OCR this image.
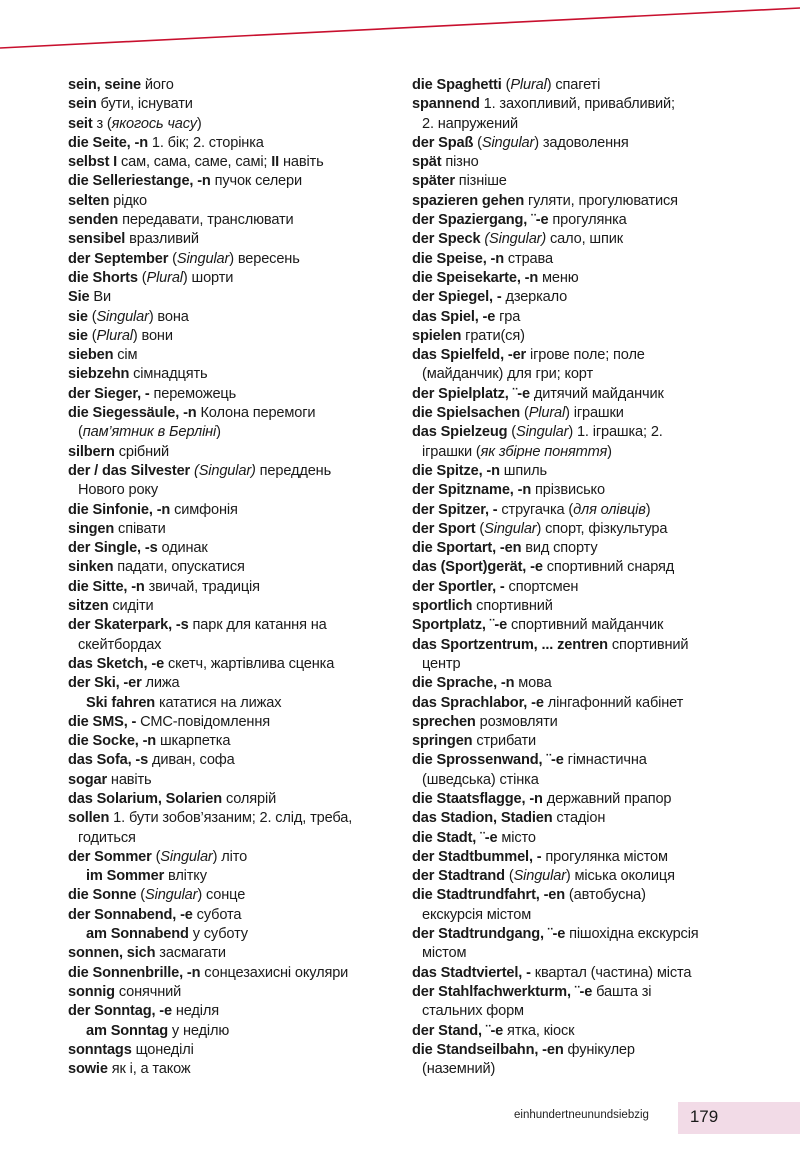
sein, seine його
sein бути, існувати
seit з (якогось часу)
die Seite, -n 1. бік; 2. сторінка
selbst I сам, сама, саме, самі; II навіть
die Selleriestange, -n пучок селери
selten рідко
senden передавати, транслювати
sensibel вразливий
der September (Singular) вересень
die Shorts (Plural) шорти
Sie Ви
sie (Singular) вона
sie (Plural) вони
sieben сім
siebzehn сімнадцять
der Sieger, - переможець
die Siegessäule, -n Колона перемоги
(пам’ятник в Берліні)
silbern срібний
der / das Silvester (Singular) переддень
Нового року
die Sinfonie, -n симфонія
singen співати
der Single, -s одинак
sinken падати, опускатися
die Sitte, -n звичай, традиція
sitzen сидіти
der Skaterpark, -s парк для катання на
скейтбордах
das Sketch, -e скетч, жартівлива сценка
der Ski, -er лижа
Ski fahren кататися на лижах
die SMS, - СМС-повідомлення
die Socke, -n шкарпетка
das Sofa, -s диван, софа
sogar навіть
das Solarium, Solarien солярій
sollen 1. бути зобов’язаним; 2. слід, треба,
годиться
der Sommer (Singular) літо
im Sommer влітку
die Sonne (Singular) сонце
der Sonnabend, -e субота
am Sonnabend у суботу
sonnen, sich засмагати
die Sonnenbrille, -n сонцезахисні окуляри
sonnig сонячний
der Sonntag, -e неділя
am Sonntag у неділю
sonntags щонеділі
sowie як і, а також
die Spaghetti (Plural) спагеті
spannend 1. захопливий, привабливий;
2. напружений
der Spaß (Singular) задоволення
spät пізно
später пізніше
spazieren gehen гуляти, прогулюватися
der Spaziergang, ¨-e прогулянка
der Speck (Singular) сало, шпик
die Speise, -n страва
die Speisekarte, -n меню
der Spiegel, - дзеркало
das Spiel, -e гра
spielen грати(ся)
das Spielfeld, -er ігрове поле; поле
(майданчик) для гри; корт
der Spielplatz, ¨-e дитячий майданчик
die Spielsachen (Plural) іграшки
das Spielzeug (Singular) 1. іграшка; 2.
іграшки (як збірне поняття)
die Spitze, -n шпиль
der Spitzname, -n прізвисько
der Spitzer, - стругачка (для олівців)
der Sport (Singular) спорт, фізкультура
die Sportart, -en вид спорту
das (Sport)gerät, -e спортивний снаряд
der Sportler, - спортсмен
sportlich спортивний
Sportplatz, ¨-e спортивний майданчик
das Sportzentrum, ... zentren спортивний
центр
die Sprache, -n мова
das Sprachlabor, -e лінгафонний кабінет
sprechen розмовляти
springen стрибати
die Sprossenwand, ¨-e гімнастична
(шведська) стінка
die Staatsflagge, -n державний прапор
das Stadion, Stadien стадіон
die Stadt, ¨-e місто
der Stadtbummel, - прогулянка містом
der Stadtrand (Singular) міська околиця
die Stadtrundfahrt, -en (автобусна)
екскурсія містом
der Stadtrundgang, ¨-e пішохідна екскурсія
містом
das Stadtviertel, - квартал (частина) міста
der Stahlfachwerkturm, ¨-e башта зі
стальних форм
der Stand, ¨-e ятка, кіоск
die Standseilbahn, -en фунікулер
(наземний)
einhundertneunundsiebzig	179
